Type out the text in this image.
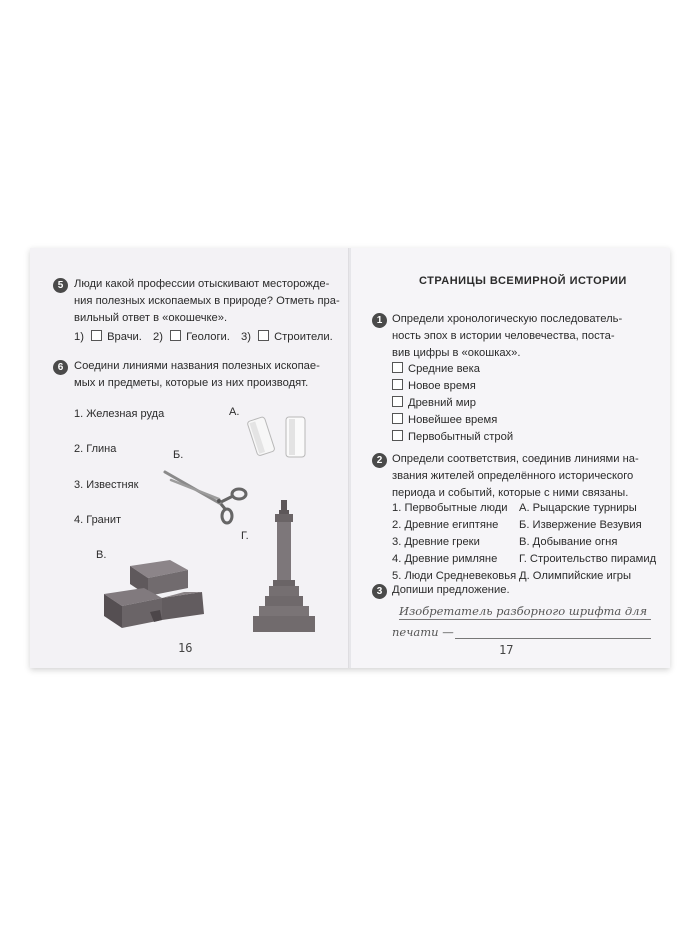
5 Люди какой профессии отыскивают месторожде-
ния полезных ископаемых в природе? Отметь пра-
вильный ответ в «окошечке».
1) Врачи. 2) Геологи. 3) Строители.
6 Соедини линиями названия полезных ископае-
мых и предметы, которые из них производят.
1. Железная руда
2. Глина
3. Известняк
4. Гранит
А.
Б.
В.
Г.
16
СТРАНИЦЫ ВСЕМИРНОЙ ИСТОРИИ
1 Определи хронологическую последователь-
ность эпох в истории человечества, поста-
вив цифры в «окошках».
Средние века
Новое время
Древний мир
Новейшее время
Первобытный строй
2 Определи соответствия, соединив линиями на-
звания жителей определённого исторического
периода и событий, которые с ними связаны.
1. Первобытные люди
2. Древние египтяне
3. Древние греки
4. Древние римляне
5. Люди Средневековья
А. Рыцарские турниры
Б. Извержение Везувия
В. Добывание огня
Г. Строительство пирамид
Д. Олимпийские игры
3 Допиши предложение.
Изобретатель разборного шрифта для
печати —
17
